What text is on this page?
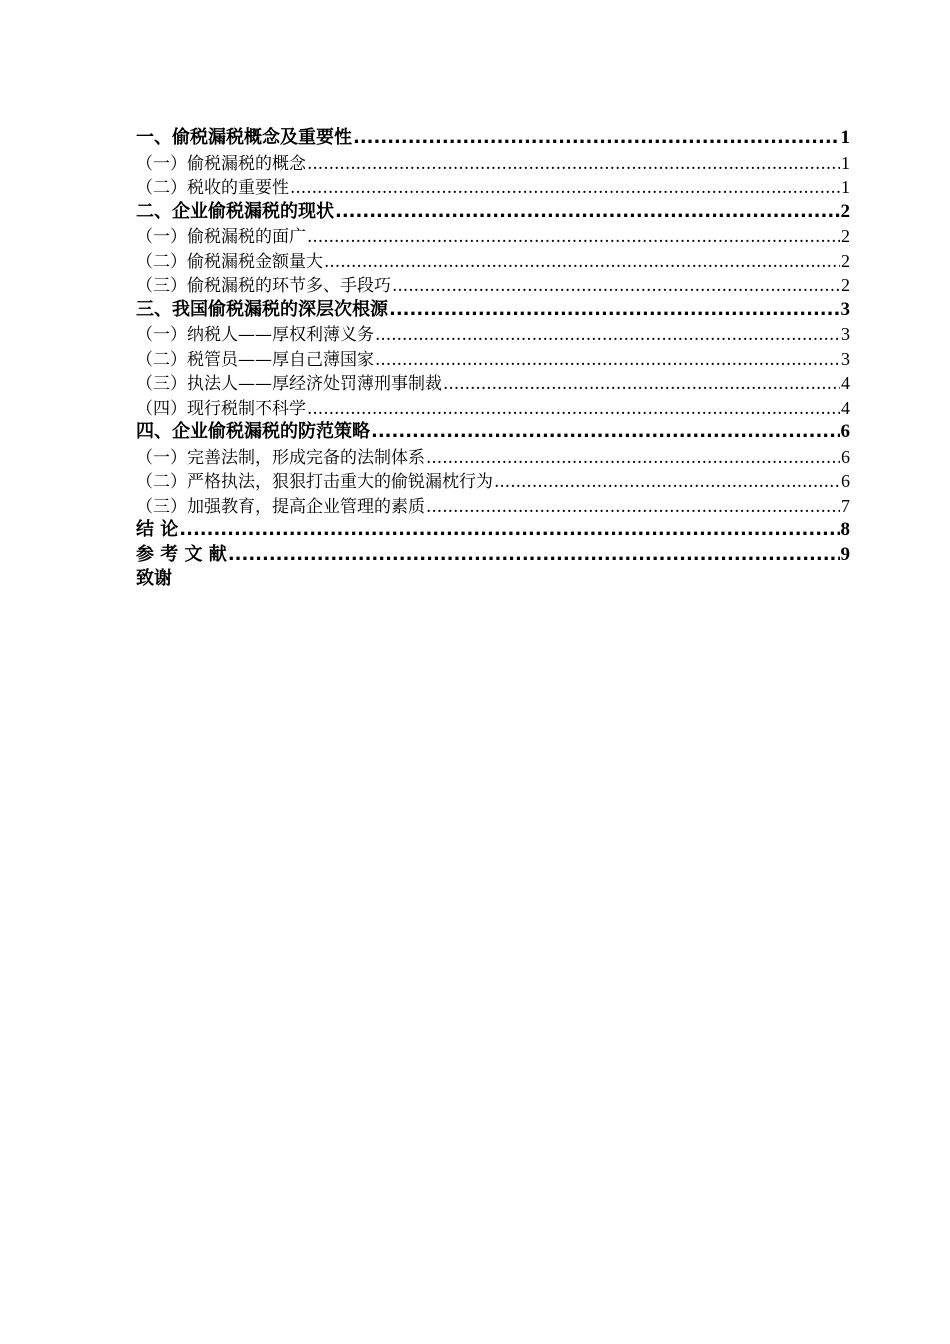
一、偷税漏税概念及重要性 .....	1
（一）偷税漏税的概念 .....	1
（二）税收的重要性 .....	1
二、企业偷税漏税的现状 .....	2
（一）偷税漏税的面广 .....	2
（二）偷税漏税金额量大 .....	2
（三）偷税漏税的环节多、手段巧 .....	2
三、我国偷税漏税的深层次根源 .....	3
（一）纳税人——厚权利薄义务 .....	3
（二）税管员——厚自己薄国家 .....	3
（三）执法人——厚经济处罚薄刑事制裁 .....	4
（四）现行税制不科学 .....	4
四、企业偷税漏税的防范策略 .....	6
（一）完善法制，形成完备的法制体系 .....	6
（二）严格执法，狠狠打击重大的偷锐漏枕行为 .....	6
（三）加强教育，提高企业管理的素质 .....	7
结 论 .....	8
参 考 文 献 .....	9
致谢
